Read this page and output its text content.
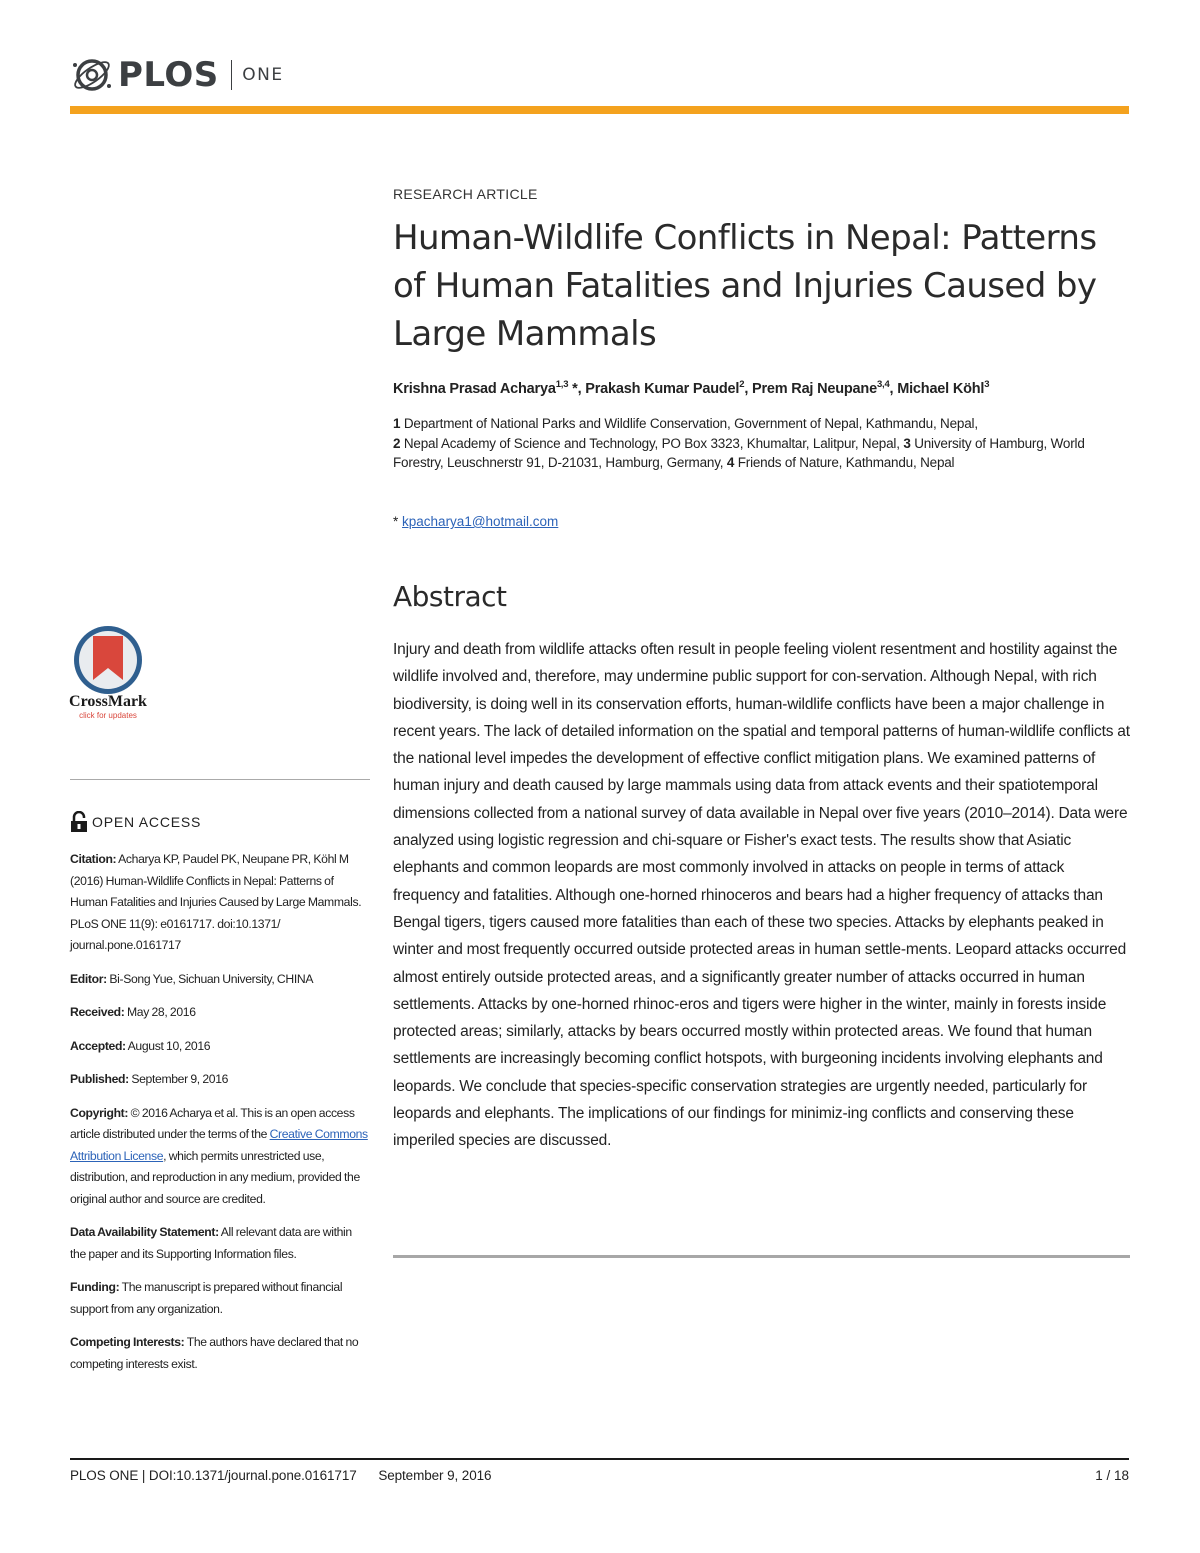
PLOS ONE
RESEARCH ARTICLE
Human-Wildlife Conflicts in Nepal: Patterns of Human Fatalities and Injuries Caused by Large Mammals
Krishna Prasad Acharya$^{1,3}$ *, Prakash Kumar Paudel$^2$, Prem Raj Neupane$^{3,4}$, Michael Köhl$^3$
1 Department of National Parks and Wildlife Conservation, Government of Nepal, Kathmandu, Nepal,
2 Nepal Academy of Science and Technology, PO Box 3323, Khumaltar, Lalitpur, Nepal, 3 University of Hamburg, World Forestry, Leuschnerstr 91, D-21031, Hamburg, Germany, 4 Friends of Nature, Kathmandu, Nepal
* kpacharya1@hotmail.com
Abstract

Injury and death from wildlife attacks often result in people feeling violent resentment and hostility against the wildlife involved and, therefore, may undermine public support for con-servation. Although Nepal, with rich biodiversity, is doing well in its conservation efforts, human-wildlife conflicts have been a major challenge in recent years. The lack of detailed information on the spatial and temporal patterns of human-wildlife conflicts at the national level impedes the development of effective conflict mitigation plans. We examined patterns of human injury and death caused by large mammals using data from attack events and their spatiotemporal dimensions collected from a national survey of data available in Nepal over five years (2010–2014). Data were analyzed using logistic regression and chi-square or Fisher's exact tests. The results show that Asiatic elephants and common leopards are most commonly involved in attacks on people in terms of attack frequency and fatalities. Although one-horned rhinoceros and bears had a higher frequency of attacks than Bengal tigers, tigers caused more fatalities than each of these two species. Attacks by elephants peaked in winter and most frequently occurred outside protected areas in human settle-ments. Leopard attacks occurred almost entirely outside protected areas, and a significantly greater number of attacks occurred in human settlements. Attacks by one-horned rhinoc-eros and tigers were higher in the winter, mainly in forests inside protected areas; similarly, attacks by bears occurred mostly within protected areas. We found that human settlements are increasingly becoming conflict hotspots, with burgeoning incidents involving elephants and leopards. We conclude that species-specific conservation strategies are urgently needed, particularly for leopards and elephants. The implications of our findings for minimiz-ing conflicts and conserving these imperiled species are discussed.

CrossMark
click for updates
OPEN ACCESS

Citation: Acharya KP, Paudel PK, Neupane PR, Köhl M (2016) Human-Wildlife Conflicts in Nepal: Patterns of Human Fatalities and Injuries Caused by Large Mammals. PLoS ONE 11(9): e0161717. doi:10.1371/ journal.pone.0161717

Editor: Bi-Song Yue, Sichuan University, CHINA

Received: May 28, 2016

Accepted: August 10, 2016

Published: September 9, 2016

Copyright: © 2016 Acharya et al. This is an open access article distributed under the terms of the Creative Commons Attribution License, which permits unrestricted use, distribution, and reproduction in any medium, provided the original author and source are credited.

Data Availability Statement: All relevant data are within the paper and its Supporting Information files.

Funding: The manuscript is prepared without financial support from any organization.

Competing Interests: The authors have declared that no competing interests exist.

PLOS ONE | DOI:10.1371/journal.pone.0161717 September 9, 2016	1 / 18
